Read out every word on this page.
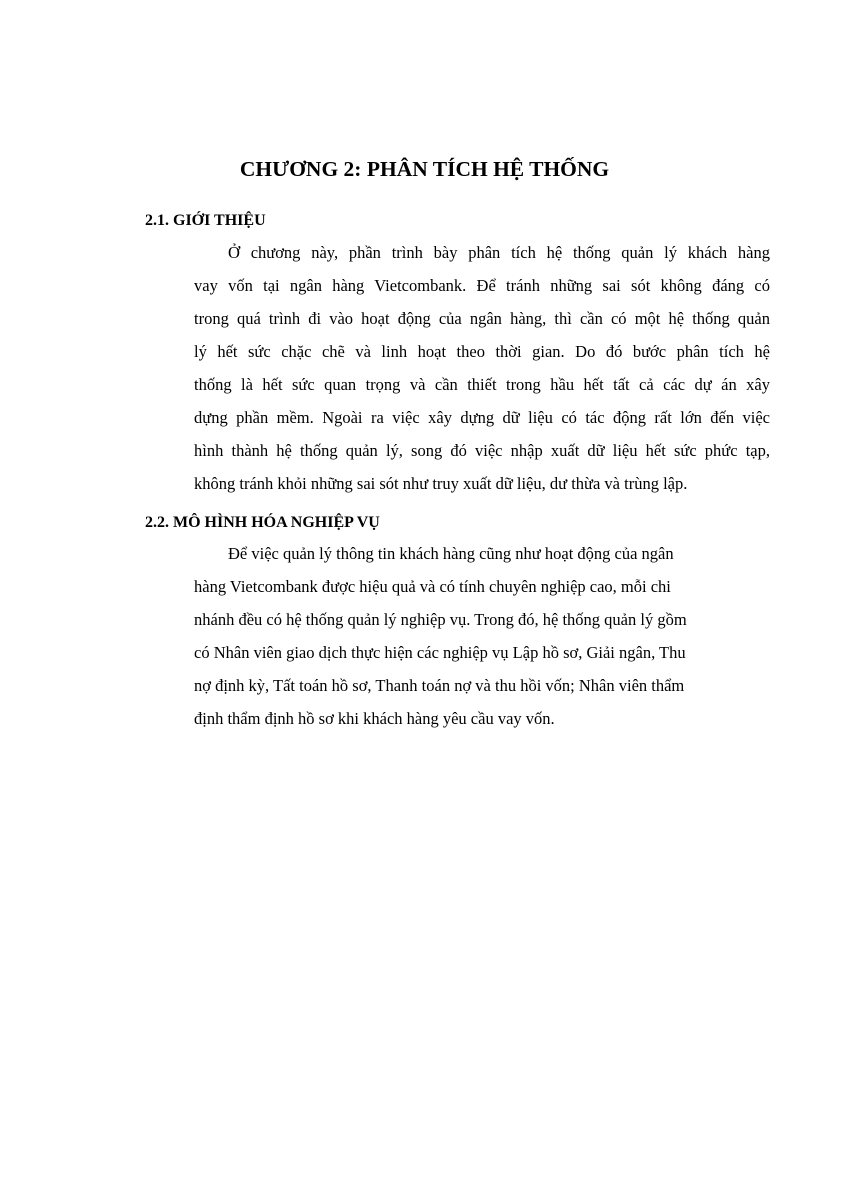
CHƯƠNG 2: PHÂN TÍCH HỆ THỐNG
2.1. GIỚI THIỆU
Ở chương này, phần trình bày phân tích hệ thống quản lý khách hàng
vay vốn tại ngân hàng Vietcombank. Để tránh những sai sót không đáng có
trong quá trình đi vào hoạt động của ngân hàng, thì cần có một hệ thống quản
lý hết sức chặc chẽ và linh hoạt theo thời gian. Do đó bước phân tích hệ
thống là hết sức quan trọng và cần thiết trong hầu hết tất cả các dự án xây
dựng phần mềm. Ngoài ra việc xây dựng dữ liệu có tác động rất lớn đến việc
hình thành hệ thống quản lý, song đó việc nhập xuất dữ liệu hết sức phức tạp,
không tránh khỏi những sai sót như truy xuất dữ liệu, dư thừa và trùng lập.
2.2. MÔ HÌNH HÓA NGHIỆP VỤ
Để việc quản lý thông tin khách hàng cũng như hoạt động của ngân
hàng Vietcombank được hiệu quả và có tính chuyên nghiệp cao, mỗi chi
nhánh đều có hệ thống quản lý nghiệp vụ. Trong đó, hệ thống quản lý gồm
có Nhân viên giao dịch thực hiện các nghiệp vụ Lập hồ sơ, Giải ngân, Thu
nợ định kỳ, Tất toán hồ sơ, Thanh toán nợ và thu hồi vốn; Nhân viên thẩm
định thẩm định hồ sơ khi khách hàng yêu cầu vay vốn.
